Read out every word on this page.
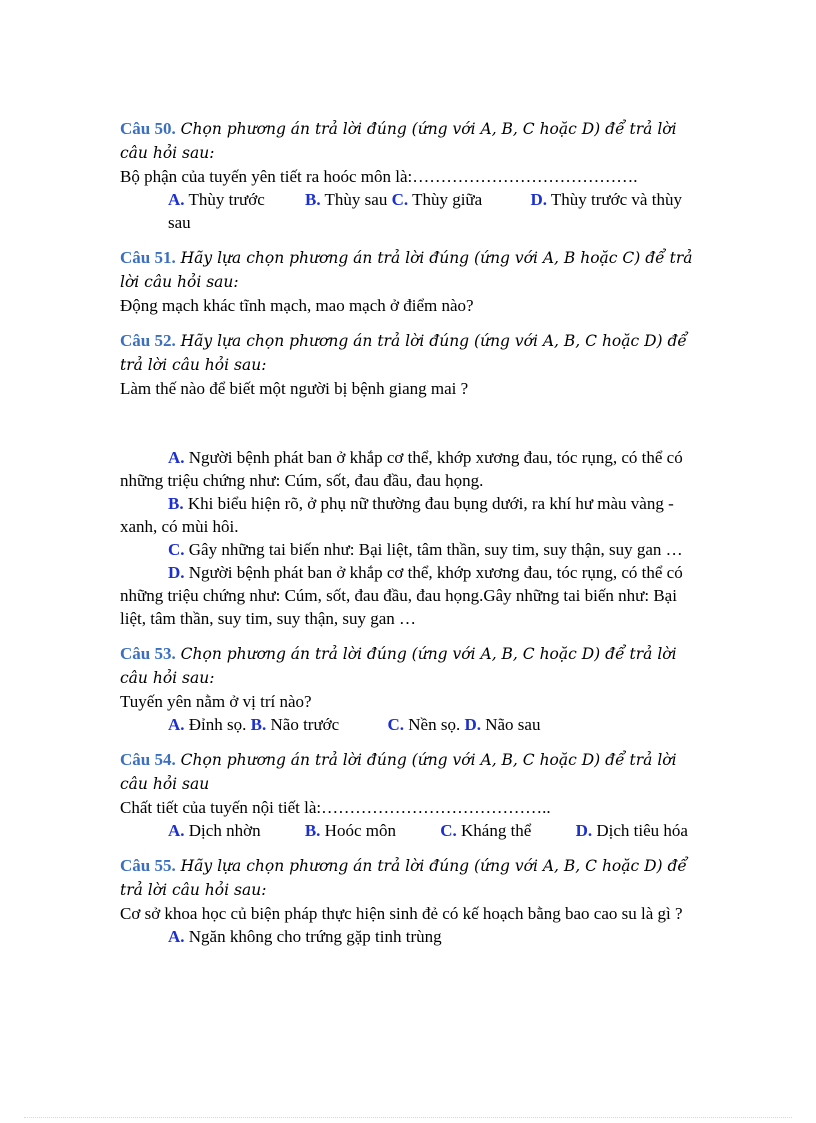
Câu 50. Chọn phương án trả lời đúng (ứng với A, B, C hoặc D) để trả lời câu hỏi sau:
Bộ phận của tuyến yên tiết ra hoóc môn là:………………………………….
A. Thùy trước B. Thùy sau C. Thùy giữa	D. Thùy trước và thùy sau
Câu 51. Hãy lựa chọn phương án trả lời đúng (ứng với A, B hoặc C) để trả lời câu hỏi sau:
Động mạch khác tĩnh mạch, mao mạch ở điểm nào?
Câu 52. Hãy lựa chọn phương án trả lời đúng (ứng với A, B, C hoặc D) để trả lời câu hỏi sau:
Làm thế nào để biết một người bị bệnh giang mai ?
A. Người bệnh phát ban ở khắp cơ thể, khớp xương đau, tóc rụng, có thể có những triệu chứng như: Cúm, sốt, đau đầu, đau họng.
B. Khi biểu hiện rõ, ở phụ nữ thường đau bụng dưới, ra khí hư màu vàng - xanh, có mùi hôi.
C. Gây những tai biến như: Bại liệt, tâm thần, suy tim, suy thận, suy gan …
D. Người bệnh phát ban ở khắp cơ thể, khớp xương đau, tóc rụng, có thể có những triệu chứng như: Cúm, sốt, đau đầu, đau họng.Gây những tai biến như: Bại liệt, tâm thần, suy tim, suy thận, suy gan …
Câu 53. Chọn phương án trả lời đúng (ứng với A, B, C hoặc D) để trả lời câu hỏi sau:
Tuyến yên nằm ở vị trí nào?
A. Đỉnh sọ. B. Não trước	C. Nền sọ. D. Não sau
Câu 54. Chọn phương án trả lời đúng (ứng với A, B, C hoặc D) để trả lời câu hỏi sau
Chất tiết của tuyến nội tiết là:…………………………………..
A. Dịch nhờn	B. Hoóc môn	C. Kháng thể	D. Dịch tiêu hóa
Câu 55. Hãy lựa chọn phương án trả lời đúng (ứng với A, B, C hoặc D) để trả lời câu hỏi sau:
Cơ sở khoa học củ biện pháp thực hiện sinh đẻ có kế hoạch bằng bao cao su là gì ?
A. Ngăn không cho trứng gặp tinh trùng
